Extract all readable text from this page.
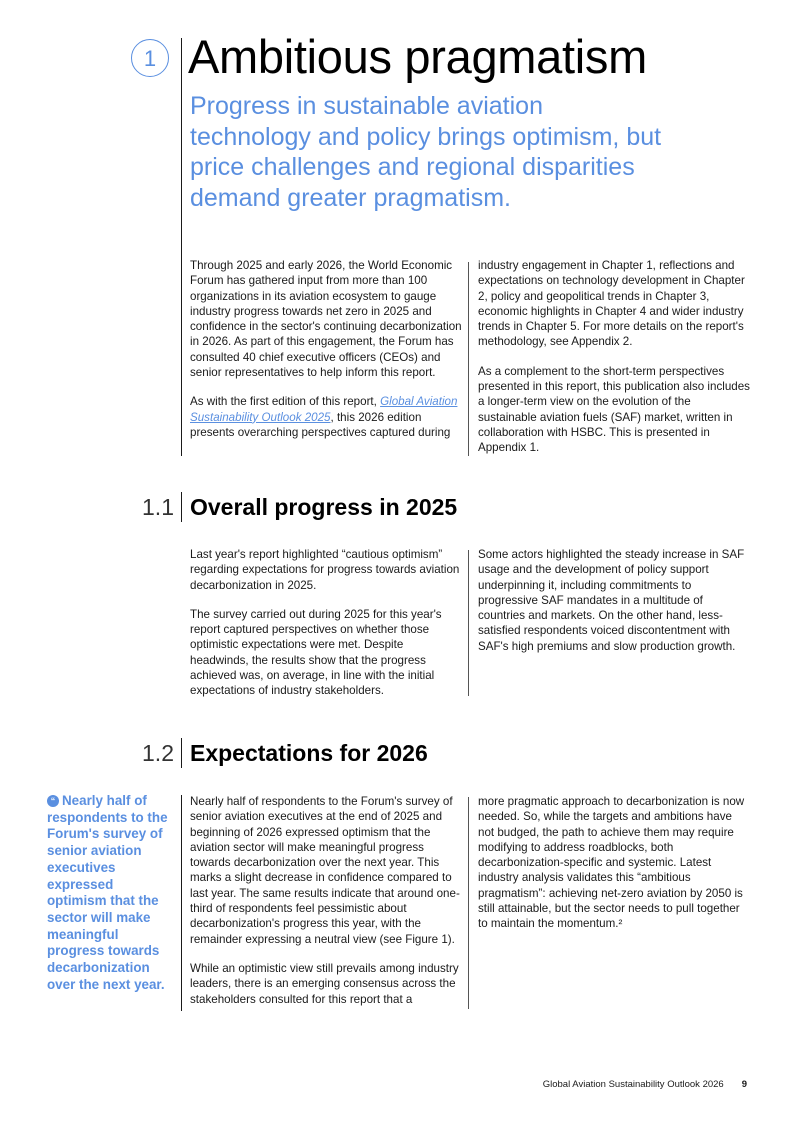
1 Ambitious pragmatism
Progress in sustainable aviation technology and policy brings optimism, but price challenges and regional disparities demand greater pragmatism.

Through 2025 and early 2026, the World Economic Forum has gathered input from more than 100 organizations in its aviation ecosystem to gauge industry progress towards net zero in 2025 and confidence in the sector's continuing decarbonization in 2026. As part of this engagement, the Forum has consulted 40 chief executive officers (CEOs) and senior representatives to help inform this report.

As with the first edition of this report, Global Aviation Sustainability Outlook 2025, this 2026 edition presents overarching perspectives captured during

industry engagement in Chapter 1, reflections and expectations on technology development in Chapter 2, policy and geopolitical trends in Chapter 3, economic highlights in Chapter 4 and wider industry trends in Chapter 5. For more details on the report's methodology, see Appendix 2.

As a complement to the short-term perspectives presented in this report, this publication also includes a longer-term view on the evolution of the sustainable aviation fuels (SAF) market, written in collaboration with HSBC. This is presented in Appendix 1.

1.1 Overall progress in 2025

Last year's report highlighted “cautious optimism” regarding expectations for progress towards aviation decarbonization in 2025.

The survey carried out during 2025 for this year's report captured perspectives on whether those optimistic expectations were met. Despite headwinds, the results show that the progress achieved was, on average, in line with the initial expectations of industry stakeholders.

Some actors highlighted the steady increase in SAF usage and the development of policy support underpinning it, including commitments to progressive SAF mandates in a multitude of countries and markets. On the other hand, less-satisfied respondents voiced discontentment with SAF's high premiums and slow production growth.

1.2 Expectations for 2026
“ Nearly half of respondents to the Forum's survey of senior aviation executives expressed optimism that the sector will make meaningful progress towards decarbonization over the next year.

Nearly half of respondents to the Forum's survey of senior aviation executives at the end of 2025 and beginning of 2026 expressed optimism that the aviation sector will make meaningful progress towards decarbonization over the next year. This marks a slight decrease in confidence compared to last year. The same results indicate that around one-third of respondents feel pessimistic about decarbonization's progress this year, with the remainder expressing a neutral view (see Figure 1).

While an optimistic view still prevails among industry leaders, there is an emerging consensus across the stakeholders consulted for this report that a

more pragmatic approach to decarbonization is now needed. So, while the targets and ambitions have not budged, the path to achieve them may require modifying to address roadblocks, both decarbonization-specific and systemic. Latest industry analysis validates this “ambitious pragmatism”: achieving net-zero aviation by 2050 is still attainable, but the sector needs to pull together to maintain the momentum.²

Global Aviation Sustainability Outlook 2026 9
